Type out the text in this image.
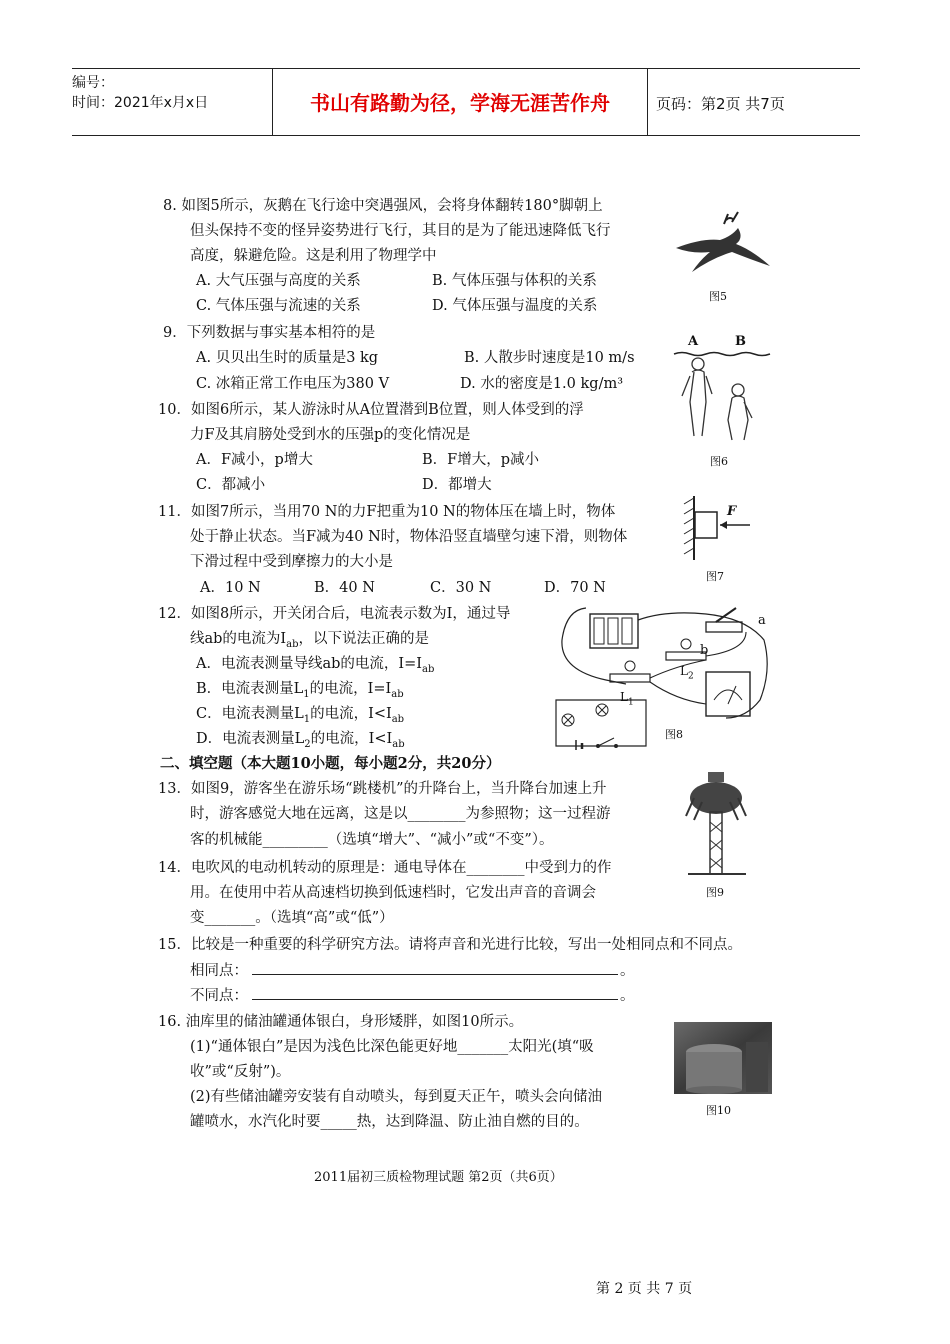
编号：
时间：2021年x月x日	书山有路勤为径，学海无涯苦作舟	页码：第2页 共7页
8. 如图5所示，灰鹅在飞行途中突遇强风，会将身体翻转180°脚朝上
但头保持不变的怪异姿势进行飞行，其目的是为了能迅速降低飞行
高度，躲避危险。这是利用了物理学中
A. 大气压强与高度的关系	B. 气体压强与体积的关系
C. 气体压强与流速的关系	D. 气体压强与温度的关系
图5
9．下列数据与事实基本相符的是
A. 贝贝出生时的质量是3 kg	B. 人散步时速度是10 m/s
C. 冰箱正常工作电压为380 V	D. 水的密度是1.0 kg/m³
A	B
图6
10．如图6所示，某人游泳时从A位置潜到B位置，则人体受到的浮
力F及其肩膀处受到水的压强p的变化情况是
A．F减小，p增大	B．F增大，p减小
C．都减小	D．都增大
11．如图7所示，当用70 N的力F把重为10 N的物体压在墙上时，物体
处于静止状态。当F减为40 N时，物体沿竖直墙壁匀速下滑，则物体
下滑过程中受到摩擦力的大小是
A．10 N	B．40 N	C．30 N	D．70 N
F
图7
12．如图8所示，开关闭合后，电流表示数为I，通过导
线ab的电流为$I_{ab}$，以下说法正确的是
A．电流表测量导线ab的电流，$I=I_{ab}$
B．电流表测量$L_1$的电流，$I=I_{ab}$
C．电流表测量$L_1$的电流，$I<I_{ab}$
D．电流表测量$L_2$的电流，$I<I_{ab}$
a
b
$L_2$
$L_1$
图8
二、填空题（本大题10小题，每小题2分，共20分）
13．如图9，游客坐在游乐场“跳楼机”的升降台上，当升降台加速上升
时，游客感觉大地在远离，这是以________为参照物；这一过程游
客的机械能_________（选填“增大”、“减小”或“不变”）。
图9
14．电吹风的电动机转动的原理是：通电导体在________中受到力的作
用。在使用中若从高速档切换到低速档时，它发出声音的音调会
变_______。（选填“高”或“低”）
15．比较是一种重要的科学研究方法。请将声音和光进行比较，写出一处相同点和不同点。
相同点：	。
不同点：	。
16. 油库里的储油罐通体银白，身形矮胖，如图10所示。
(1)“通体银白”是因为浅色比深色能更好地_______太阳光(填“吸
收”或“反射”)。
(2)有些储油罐旁安装有自动喷头，每到夏天正午，喷头会向储油
罐喷水，水汽化时要_____热，达到降温、防止油自燃的目的。
图10
2011届初三质检物理试题 第2页（共6页）
第 2 页 共 7 页
